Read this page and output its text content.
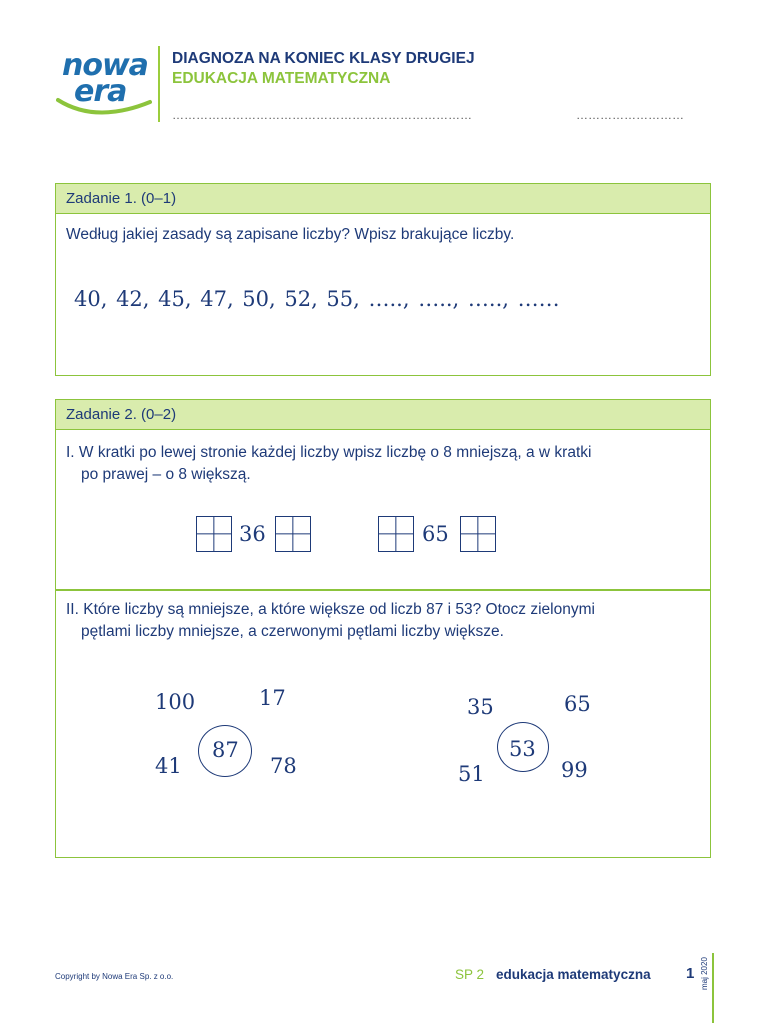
nowa
era
DIAGNOZA NA KONIEC KLASY DRUGIEJ
EDUKACJA MATEMATYCZNA
…………………………………………………………………	………………………
Zadanie 1. (0–1)
Według jakiej zasady są zapisane liczby? Wpisz brakujące liczby.
40, 42, 45, 47, 50, 52, 55, ….., ….., ….., ……
Zadanie 2. (0–2)
I. W kratki po lewej stronie każdej liczby wpisz liczbę o 8 mniejszą, a w kratki
po prawej – o 8 większą.
36	65
II. Które liczby są mniejsze, a które większe od liczb 87 i 53? Otocz zielonymi
pętlami liczby mniejsze, a czerwonymi pętlami liczby większe.
100	17
87
41	78
35	65
53
51	99
Copyright by Nowa Era Sp. z o.o.	SP 2 edukacja matematyczna 1 maj 2020
